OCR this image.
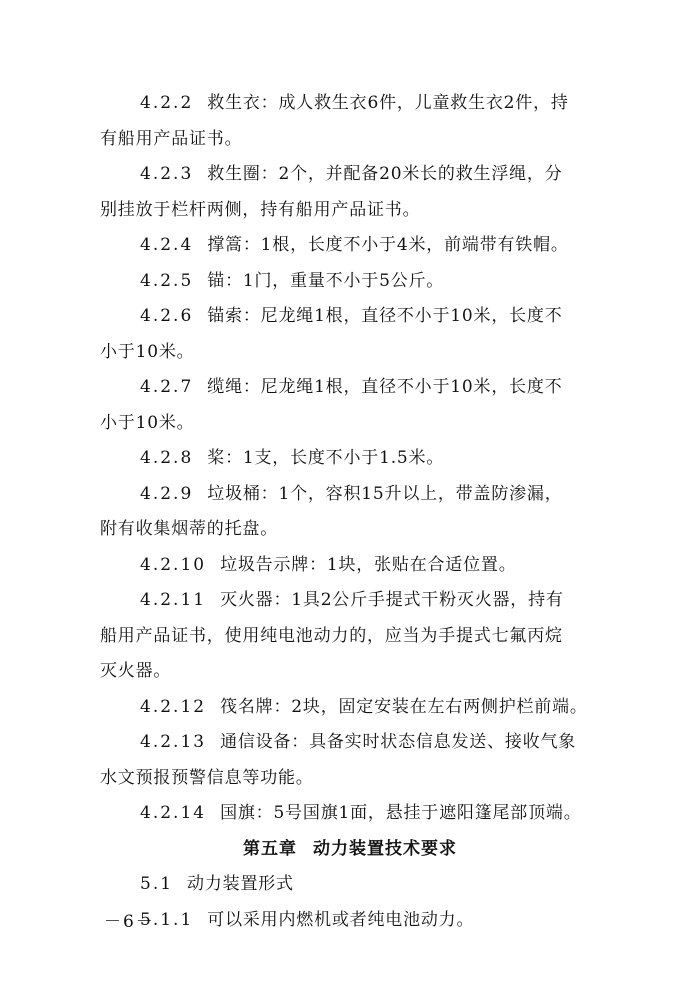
4.2.2 救生衣：成人救生衣6件，儿童救生衣2件，持
有船用产品证书。
4.2.3 救生圈：2个，并配备20米长的救生浮绳，分
别挂放于栏杆两侧，持有船用产品证书。
4.2.4 撑篙：1根，长度不小于4米，前端带有铁帽。
4.2.5 锚：1门，重量不小于5公斤。
4.2.6 锚索：尼龙绳1根，直径不小于10米，长度不
小于10米。
4.2.7 缆绳：尼龙绳1根，直径不小于10米，长度不
小于10米。
4.2.8 桨：1支，长度不小于1.5米。
4.2.9 垃圾桶：1个，容积15升以上，带盖防渗漏，
附有收集烟蒂的托盘。
4.2.10 垃圾告示牌：1块，张贴在合适位置。
4.2.11 灭火器：1具2公斤手提式干粉灭火器，持有
船用产品证书，使用纯电池动力的，应当为手提式七氟丙烷
灭火器。
4.2.12 筏名牌：2块，固定安装在左右两侧护栏前端。
4.2.13 通信设备：具备实时状态信息发送、接收气象
水文预报预警信息等功能。
4.2.14 国旗：5号国旗1面，悬挂于遮阳篷尾部顶端。
第五章 动力装置技术要求
5.1 动力装置形式
5.1.1 可以采用内燃机或者纯电池动力。
－6－
